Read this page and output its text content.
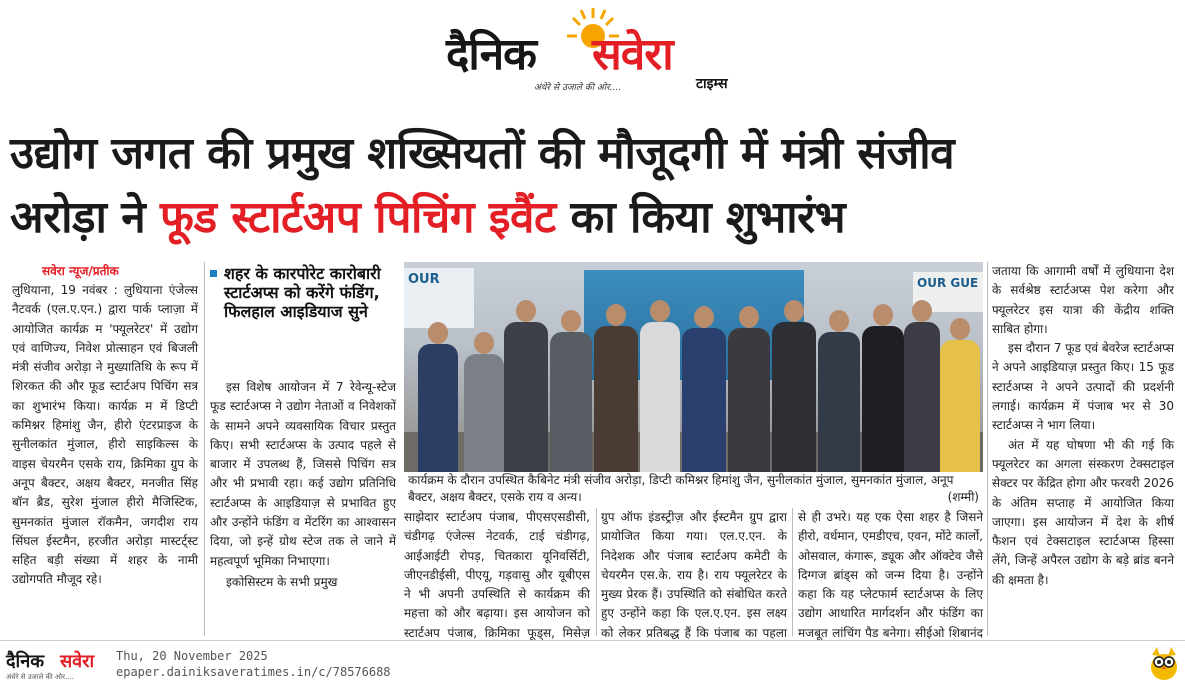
दैनिक सवेरा
अंधेरे से उजाले की ओर....	टाइम्स
उद्योग जगत की प्रमुख शख्सियतों की मौजूदगी में मंत्री संजीव
अरोड़ा ने फूड स्टार्टअप पिचिंग इवैंट का किया शुभारंभ
सवेरा न्यूज/प्रतीक

लुधियाना, 19 नवंबर : लुधियाना एंजेल्स नैटवर्क (एल.ए.एन.) द्वारा पार्क प्लाज़ा में आयोजित कार्यक्र म 'फ्यूलरेटर' में उद्योग एवं वाणिज्य, निवेश प्रोत्साहन एवं बिजली मंत्री संजीव अरोड़ा ने मुख्यातिथि के रूप में शिरकत की और फूड स्टार्टअप पिचिंग सत्र का शुभारंभ किया। कार्यक्र म में डिप्टी कमिश्नर हिमांशु जैन, हीरो एंटरप्राइज के सुनीलकांत मुंजाल, हीरो साइकिल्स के वाइस चेयरमैन एसके राय, क्रिमिका ग्रुप के अनूप बैक्टर, अक्षय बैक्टर, मनजीत सिंह बॉन ब्रैड, सुरेश मुंजाल हीरो मैजिस्टिक, सुमनकांत मुंजाल रॉकमैन, जगदीश राय सिंघल ईस्टमैन, हरजीत अरोड़ा मास्टर्ट्स्ट सहित बड़ी संख्या में शहर के नामी उद्योगपति मौजूद रहे।

शहर के कारपोरेट कारोबारी स्टार्टअप्स को करेंगे फंडिंग, फिलहाल आइडियाज सुने

इस विशेष आयोजन में 7 रेवेन्यू-स्टेज फूड स्टार्टअप्स ने उद्योग नेताओं व निवेशकों के सामने अपने व्यवसायिक विचार प्रस्तुत किए। सभी स्टार्टअप्स के उत्पाद पहले से बाजार में उपलब्ध हैं, जिससे पिचिंग सत्र और भी प्रभावी रहा। कई उद्योग प्रतिनिधि स्टार्टअप्स के आइडियाज़ से प्रभावित हुए और उन्होंने फंडिंग व मेंटरिंग का आश्वासन दिया, जो इन्हें ग्रोथ स्टेज तक ले जाने में महत्वपूर्ण भूमिका निभाएगा।

इकोसिस्टम के सभी प्रमुख

OUR	OUR GUE
कार्यक्रम के दौरान उपस्थित कैबिनेट मंत्री संजीव अरोड़ा, डिप्टी कमिश्नर हिमांशु जैन, सुनीलकांत मुंजाल, सुमनकांत मुंजाल, अनूप बैक्टर, अक्षय बैक्टर, एसके राय व अन्य।	(शम्मी)

साझेदार स्टार्टअप पंजाब, पीएसएसडीसी, चंडीगढ़ एंजेल्स नेटवर्क, टाई चंडीगढ़, आईआईटी रोपड़, चितकारा यूनिवर्सिटी, जीएनडीईसी, पीएयू, गड़वासु और यूबीएस ने भी अपनी उपस्थिति से कार्यक्रम की महत्ता को और बढ़ाया। इस आयोजन को स्टार्टअप पंजाब, क्रिमिका फूड्स, मिसेज़

ग्रुप ऑफ इंडस्ट्रीज़ और ईस्टमैन ग्रुप द्वारा प्रायोजित किया गया। एल.ए.एन. के निदेशक और पंजाब स्टार्टअप कमेटी के चेयरमैन एस.के. राय है। राय फ्यूलरेटर के मुख्य प्रेरक हैं। उपस्थिति को संबोधित करते हुए उन्होंने कहा कि एल.ए.एन. इस लक्ष्य को लेकर प्रतिबद्ध हैं कि पंजाब का पहला

से ही उभरे। यह एक ऐसा शहर है जिसने हीरो, वर्धमान, एमडीएच, एवन, मोंटे कार्लो, ओसवाल, कंगारू, ड्यूक और ऑक्टेव जैसे दिग्गज ब्रांड्स को जन्म दिया है। उन्होंने कहा कि यह प्लेटफार्म स्टार्टअप्स के लिए उद्योग आधारित मार्गदर्शन और फंडिंग का मजबूत लांचिंग पैड बनेगा। सीईओ शिबानंद

जताया कि आगामी वर्षों में लुधियाना देश के सर्वश्रेष्ठ स्टार्टअप्स पेश करेगा और फ्यूलरेटर इस यात्रा की केंद्रीय शक्ति साबित होगा।

इस दौरान 7 फूड एवं बेवरेज स्टार्टअप्स ने अपने आइडियाज़ प्रस्तुत किए। 15 फूड स्टार्टअप्स ने अपने उत्पादों की प्रदर्शनी लगाई। कार्यक्रम में पंजाब भर से 30 स्टार्टअप्स ने भाग लिया।

अंत में यह घोषणा भी की गई कि फ्यूलरेटर का अगला संस्करण टेक्सटाइल सेक्टर पर केंद्रित होगा और फरवरी 2026 के अंतिम सप्ताह में आयोजित किया जाएगा। इस आयोजन में देश के शीर्ष फैशन एवं टेक्सटाइल स्टार्टअप्स हिस्सा लेंगे, जिन्हें अपैरल उद्योग के बड़े ब्रांड बनने की क्षमता है।

दैनिक सवेरा
अंधेरे से उजाले की ओर....
Thu, 20 November 2025
epaper.dainiksaveratimes.in/c/78576688
